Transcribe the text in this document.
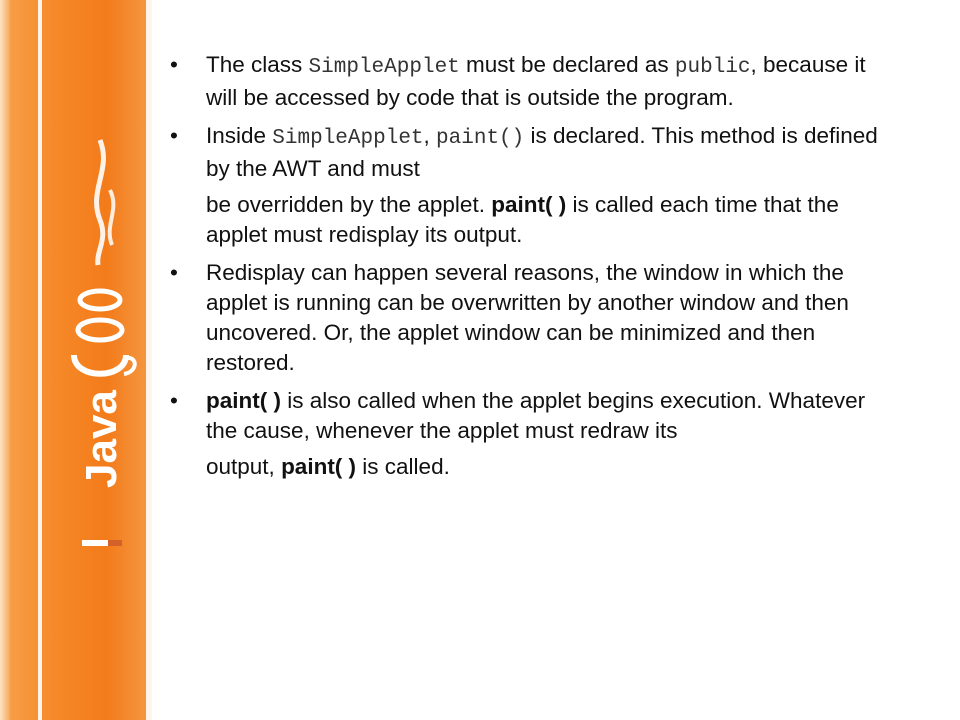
Java
• The class SimpleApplet must be declared as public, because it will be accessed by code that is outside the program.
• Inside SimpleApplet, paint() is declared. This method is defined by the AWT and must
be overridden by the applet. paint( ) is called each time that the applet must redisplay its output.
• Redisplay can happen several reasons, the window in which the applet is running can be overwritten by another window and then uncovered. Or, the applet window can be minimized and then restored.
• paint( ) is also called when the applet begins execution. Whatever the cause, whenever the applet must redraw its
output, paint( ) is called.
